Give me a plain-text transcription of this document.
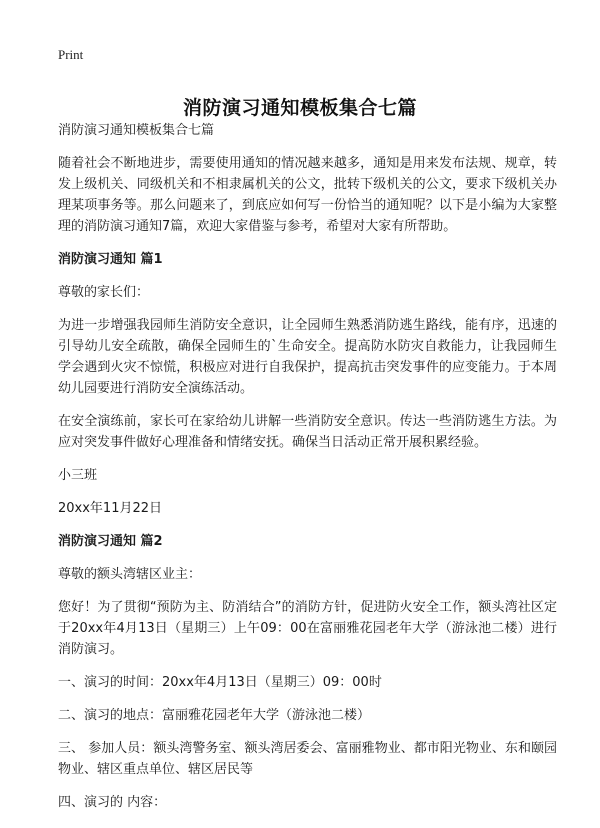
Print
消防演习通知模板集合七篇

消防演习通知模板集合七篇

随着社会不断地进步，需要使用通知的情况越来越多，通知是用来发布法规、规章，转发上级机关、同级机关和不相隶属机关的公文，批转下级机关的公文，要求下级机关办理某项事务等。那么问题来了，到底应如何写一份恰当的通知呢？以下是小编为大家整理的消防演习通知7篇，欢迎大家借鉴与参考，希望对大家有所帮助。

消防演习通知 篇1

尊敬的家长们：

为进一步增强我园师生消防安全意识，让全园师生熟悉消防逃生路线，能有序，迅速的引导幼儿安全疏散，确保全园师生的`生命安全。提高防水防灾自救能力，让我园师生学会遇到火灾不惊慌，积极应对进行自我保护，提高抗击突发事件的应变能力。于本周幼儿园要进行消防安全演练活动。

在安全演练前，家长可在家给幼儿讲解一些消防安全意识。传达一些消防逃生方法。为应对突发事件做好心理准备和情绪安抚。确保当日活动正常开展积累经验。

小三班

20xx年11月22日

消防演习通知 篇2

尊敬的额头湾辖区业主：

您好！为了贯彻“预防为主、防消结合”的消防方针，促进防火安全工作，额头湾社区定于20xx年4月13日（星期三）上午09：00在富丽雅花园老年大学（游泳池二楼）进行消防演习。

一、演习的时间：20xx年4月13日（星期三）09：00时

二、演习的地点：富丽雅花园老年大学（游泳池二楼）

三、 参加人员：额头湾警务室、额头湾居委会、富丽雅物业、都市阳光物业、东和颐园物业、辖区重点单位、辖区居民等

四、演习的 内容：
